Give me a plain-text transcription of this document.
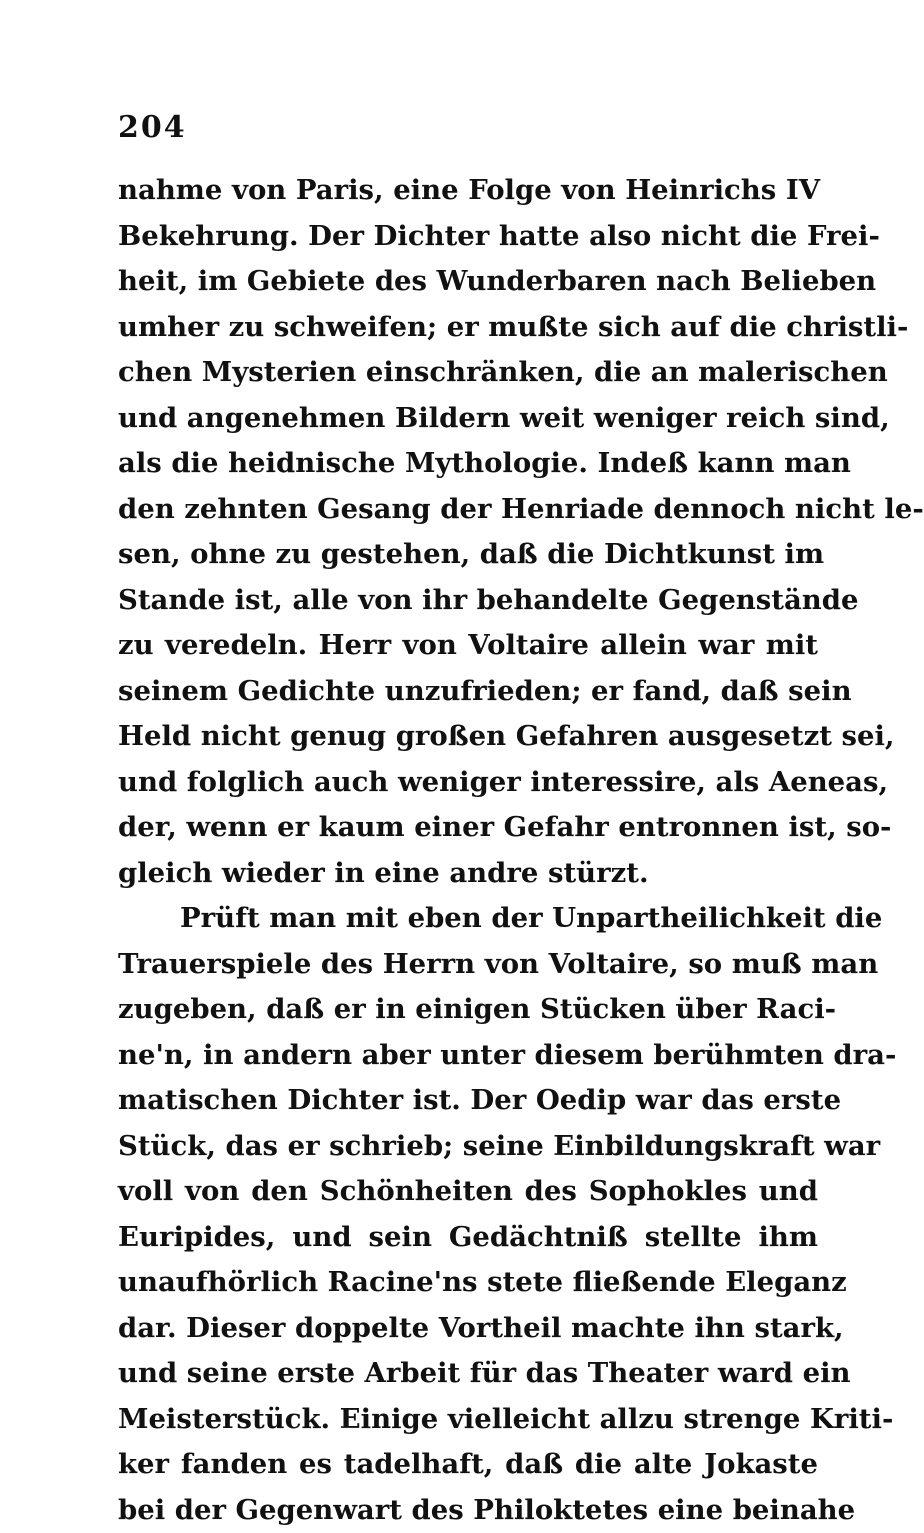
204
nahme von Paris, eine Folge von Heinrichs IV
Bekehrung. Der Dichter hatte also nicht die Frei-
heit, im Gebiete des Wunderbaren nach Belieben
umher zu schweifen; er mußte sich auf die christli-
chen Mysterien einschränken, die an malerischen
und angenehmen Bildern weit weniger reich sind,
als die heidnische Mythologie. Indeß kann man
den zehnten Gesang der Henriade dennoch nicht le-
sen, ohne zu gestehen, daß die Dichtkunst im
Stande ist, alle von ihr behandelte Gegenstände
zu veredeln. Herr von Voltaire allein war mit
seinem Gedichte unzufrieden; er fand, daß sein
Held nicht genug großen Gefahren ausgesetzt sei,
und folglich auch weniger interessire, als Aeneas,
der, wenn er kaum einer Gefahr entronnen ist, so-
gleich wieder in eine andre stürzt.
Prüft man mit eben der Unpartheilichkeit die
Trauerspiele des Herrn von Voltaire, so muß man
zugeben, daß er in einigen Stücken über Raci-
ne'n, in andern aber unter diesem berühmten dra-
matischen Dichter ist. Der Oedip war das erste
Stück, das er schrieb; seine Einbildungskraft war
voll von den Schönheiten des Sophokles und
Euripides, und sein Gedächtniß stellte ihm
unaufhörlich Racine'ns stete fließende Eleganz
dar. Dieser doppelte Vortheil machte ihn stark,
und seine erste Arbeit für das Theater ward ein
Meisterstück. Einige vielleicht allzu strenge Kriti-
ker fanden es tadelhaft, daß die alte Jokaste
bei der Gegenwart des Philoktetes eine beinahe
